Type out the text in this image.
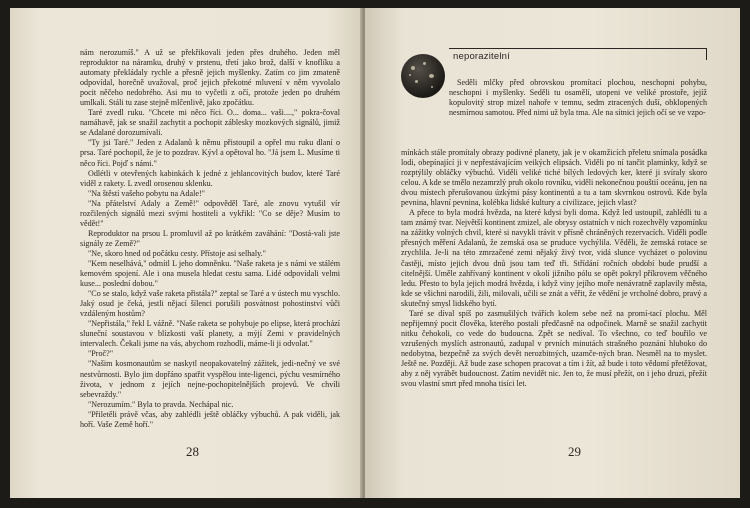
nám nerozumíš." A už se překřikovali jeden přes druhého. Jeden měl reproduktor na náramku, druhý v prstenu, třetí jako brož, další v knoflíku a automaty překládaly rychle a přesně jejich myšlenky. Zatím co jim zmateně odpovídal, horečně uvažoval, proč jejich překotné mluvení v něm vyvolalo pocit něčeho nedobrého. Asi mu to vyčetli z očí, protože jeden po druhém umlkali. Stáli tu zase stejně mlčenlivě, jako zpočátku.

Taré zvedl ruku. "Chcete mi něco říci. O... doma... vaši....," pokra-čoval namáhavě, jak se snažil zachytit a pochopit záblesky mozkových signálů, jimiž se Adalané dorozumívali.

"Ty jsi Taré." Jeden z Adalanů k němu přistoupil a opřel mu ruku dlaní o prsa. Taré pochopil, že je to pozdrav. Kývl a opětoval ho. "Já jsem L. Musíme ti něco říci. Pojď s námi."

Odlétli v otevřených kabinkách k jedné z jehlancovitých budov, které Taré viděl z rakety. L zvedl orosenou sklenku.

"Na štěstí vašeho pobytu na Adale!"

"Na přátelství Adaly a Země!" odpověděl Taré, ale znovu vytušil vír rozčilených signálů mezi svými hostiteli a vykřikl: "Co se děje? Musím to vědět!"

Reproduktor na prsou L promluvil až po krátkém zaváhání: "Dostá-vali jste signály ze Země?"

"Ne, skoro hned od počátku cesty. Přístoje asi selhaly."

"Kem neselhává," odmítl L jeho domněnku. "Naše raketa je s námi ve stálém kemovém spojení. Ale i ona musela hledat cestu sama. Lidé odpovídali velmi kuse... poslední dobou."

"Co se stalo, když vaše raketa přistála?" zeptal se Taré a v ústech mu vyschlo. Jaký osud je čeká, jestli nějací šílenci porušili posvátnost pohostinství vůči vzdáleným hostům?

"Nepřistála," řekl L vážně. "Naše raketa se pohybuje po elipse, která prochází sluneční soustavou v blízkosti vaší planety, a mýjí Zemi v pravidelných intervalech. Čekali jsme na vás, abychom rozhodli, máme-li ji odvolat."

"Proč?"

"Našim kosmonautům se naskytl neopakovatelný zážitek, jedi-nečný ve své nestvůrnosti. Bylo jim dopřáno spatřit vyspělou inte-ligenci, pýchu vesmírného života, v jednom z jejích nejne-pochopitelnějších projevů. Ve chvíli sebevraždy."

"Nerozumím." Byla to pravda. Nechápal nic.

"Přiletěli právě včas, aby zahlédli ještě obláčky výbuchů. A pak viděli, jak hoří. Vaše Země hoří."

28
neporazitelní

Seděli mlčky před obrovskou promítací plochou, neschopni pohybu, neschopni i myšlenky. Seděli tu osamělí, utopeni ve veliké prostoře, jejíž kopulovitý strop mizel nahoře v temnu, sedm ztracených duší, obklopených nesmírnou samotou. Před nimi už byla tma. Ale na sítnici jejich očí se ve vzpo-

mínkách stále promítaly obrazy podivné planety, jak je v okamžicích přeletu snímala posádka lodi, obepínající ji v nepřestávajícím veikých elipsách. Viděli po ní tančit plamínky, když se rozptýlily obláčky výbuchů. Viděli veliké tiché bílých ledových ker, které ji svíraly skoro celou. A kde se tmělo nezamrzlý pruh okolo rovníku, viděli nekonečnou pouštií oceánu, jen na dvou místech přerušovanou úzkými pásy kontinentů a tu a tam skvrnkou ostrovů. Kde byla pevnina, hlavní pevnina, kolébka lidské kultury a civilizace, jejich vlast?

A přece to byla modrá hvězda, na které kdysi byli doma. Když led ustoupil, zahlédli tu a tam známý tvar. Největší kontinent zmizel, ale obrysy ostatních v nich rozechvěly vzpomínku na zážitky volných chvil, které si navykli trávit v přísně chráněných rezervacích. Viděli podle přesných měření Adalanů, že zemská osa se pruduce vychýlila. Věděli, že zemská rotace se zrychlila. Je-li na této zmrzačené zemi nějaký živý tvor, vidá slunce vycházet o polovinu častěji, místo jejich dvou dnů jsou tam teď tři. Střídání ročních období bude prudší a citelnější. Uměle zahřívaný kontinent v okolí jižního pólu se opět pokryl příkrovem věčného ledu. Přesto to byla jejich modrá hvězda, i když viny jejího moře nenávratně zaplavily města, kde se všichni narodili, žili, milovali, učili se znát a věřit, že vědění je vrcholné dobro, pravý a skutečný smysl lidského bytí.

Taré se díval spíš po zasmušilých tvářích kolem sebe než na promí-tací plochu. Měl nepřijemný pocit člověka, kterého postali předčasně na odpočinek. Marně se snažil zachytit nitku čehokoli, co vede do budoucna. Zpět se nedíval. To všechno, co teď bouřilo ve vzrušených myslích astronautů, zadupal v prvních minutách strašného poznání hluboko do nedobytna, bezpečně za svých devět nerozbitných, uzamče-ných bran. Nesměl na to myslet. Ještě ne. Později. Až bude zase schopen pracovat a tím i žít, až bude i toto vědomí přetěžovat, aby z něj vyrábět budoucnost. Zatím nevidět nic. Jen to, že musí přežít, on i jeho druzi, přežít svou vlastní smrt před mnoha tisíci let.

29
